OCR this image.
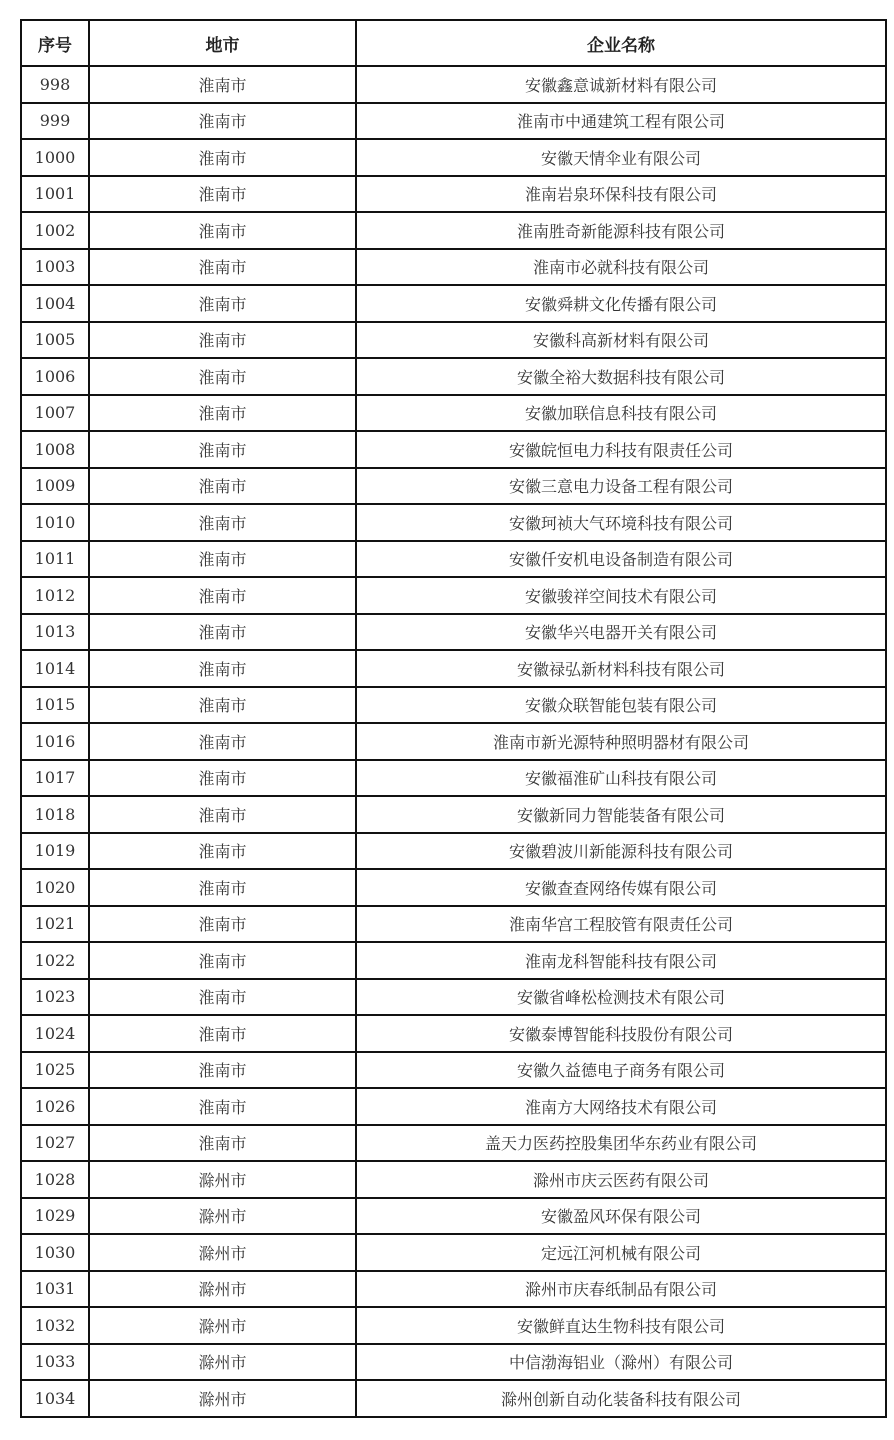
序号	地市	企业名称
998	淮南市	安徽鑫意诚新材料有限公司
999	淮南市	淮南市中通建筑工程有限公司
1000	淮南市	安徽天情伞业有限公司
1001	淮南市	淮南岩泉环保科技有限公司
1002	淮南市	淮南胜奇新能源科技有限公司
1003	淮南市	淮南市必就科技有限公司
1004	淮南市	安徽舜耕文化传播有限公司
1005	淮南市	安徽科高新材料有限公司
1006	淮南市	安徽全裕大数据科技有限公司
1007	淮南市	安徽加联信息科技有限公司
1008	淮南市	安徽皖恒电力科技有限责任公司
1009	淮南市	安徽三意电力设备工程有限公司
1010	淮南市	安徽珂祯大气环境科技有限公司
1011	淮南市	安徽仟安机电设备制造有限公司
1012	淮南市	安徽骏祥空间技术有限公司
1013	淮南市	安徽华兴电器开关有限公司
1014	淮南市	安徽禄弘新材料科技有限公司
1015	淮南市	安徽众联智能包装有限公司
1016	淮南市	淮南市新光源特种照明器材有限公司
1017	淮南市	安徽福淮矿山科技有限公司
1018	淮南市	安徽新同力智能装备有限公司
1019	淮南市	安徽碧波川新能源科技有限公司
1020	淮南市	安徽查查网络传媒有限公司
1021	淮南市	淮南华宫工程胶管有限责任公司
1022	淮南市	淮南龙科智能科技有限公司
1023	淮南市	安徽省峰松检测技术有限公司
1024	淮南市	安徽泰博智能科技股份有限公司
1025	淮南市	安徽久益德电子商务有限公司
1026	淮南市	淮南方大网络技术有限公司
1027	淮南市	盖天力医药控股集团华东药业有限公司
1028	滁州市	滁州市庆云医药有限公司
1029	滁州市	安徽盈风环保有限公司
1030	滁州市	定远江河机械有限公司
1031	滁州市	滁州市庆春纸制品有限公司
1032	滁州市	安徽鲜直达生物科技有限公司
1033	滁州市	中信渤海铝业（滁州）有限公司
1034	滁州市	滁州创新自动化装备科技有限公司
